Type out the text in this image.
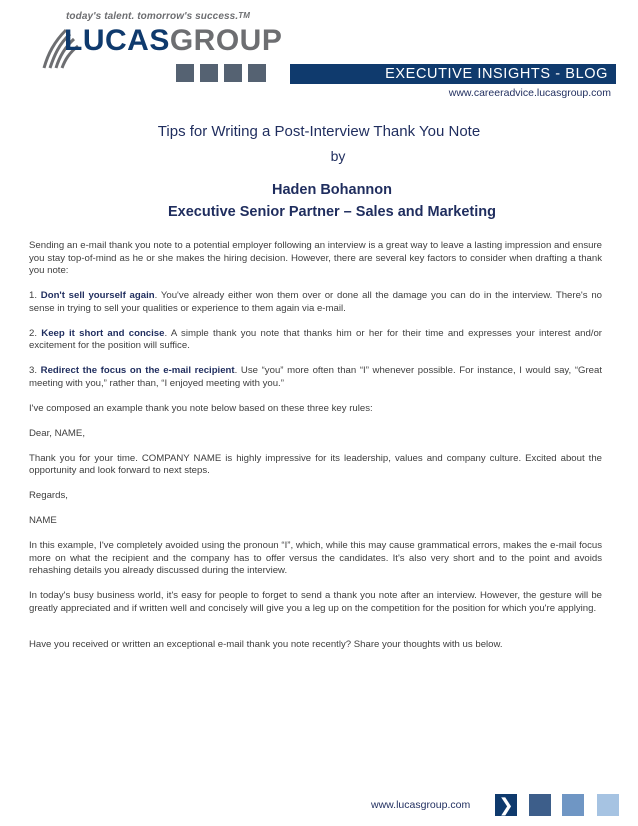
today's talent. tomorrow's success.™
LUCASGROUP
EXECUTIVE INSIGHTS - BLOG
www.careeradvice.lucasgroup.com
Tips for Writing a Post-Interview Thank You Note
by
Haden Bohannon
Executive Senior Partner – Sales and Marketing

Sending an e-mail thank you note to a potential employer following an interview is a great way to leave a lasting impression and ensure you stay top-of-mind as he or she makes the hiring decision. However, there are several key factors to consider when drafting a thank you note:

1. Don't sell yourself again. You've already either won them over or done all the damage you can do in the interview. There's no sense in trying to sell your qualities or experience to them again via e-mail.

2. Keep it short and concise. A simple thank you note that thanks him or her for their time and expresses your interest and/or excitement for the position will suffice.

3. Redirect the focus on the e-mail recipient. Use “you” more often than “I” whenever possible. For instance, I would say, “Great meeting with you,” rather than, “I enjoyed meeting with you.”

I've composed an example thank you note below based on these three key rules:

Dear, NAME,

Thank you for your time. COMPANY NAME is highly impressive for its leadership, values and company culture. Excited about the opportunity and look forward to next steps.

Regards,

NAME

In this example, I've completely avoided using the pronoun “I”, which, while this may cause grammatical errors, makes the e-mail focus more on what the recipient and the company has to offer versus the candidates. It's also very short and to the point and avoids rehashing details you already discussed during the interview.

In today's busy business world, it's easy for people to forget to send a thank you note after an interview. However, the gesture will be greatly appreciated and if written well and concisely will give you a leg up on the competition for the position for which you're applying.

Have you received or written an exceptional e-mail thank you note recently? Share your thoughts with us below.

www.lucasgroup.com ❯
